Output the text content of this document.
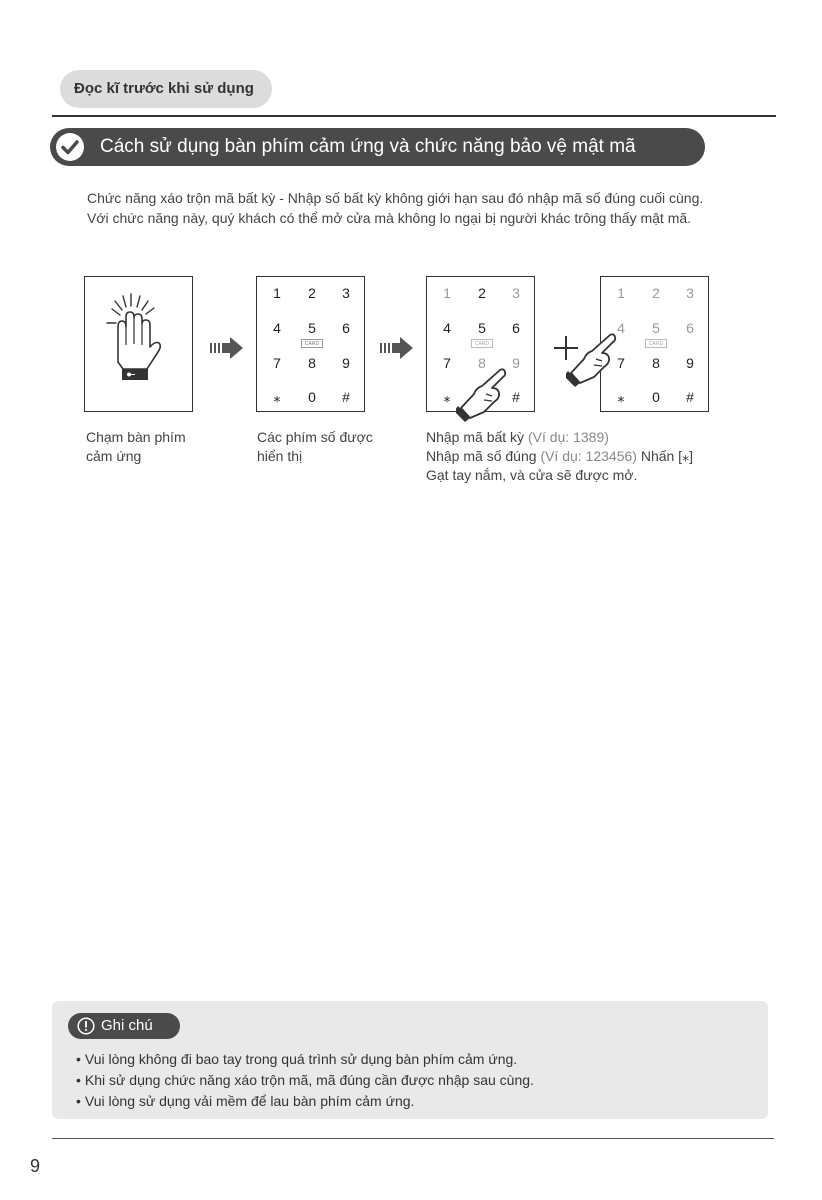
Đọc kĩ trước khi sử dụng
Cách sử dụng bàn phím cảm ứng và chức năng bảo vệ mật mã

Chức năng xáo trộn mã bất kỳ - Nhập số bất kỳ không giới hạn sau đó nhập mã số đúng cuối cùng.

Với chức năng này, quý khách có thể mở cửa mà không lo ngại bị người khác trông thấy mật mã.

1	2	3
4	5	6
CARD
7	8	9
⁎	0	#
1	2	3
4	5	6
CARD
7	8	9
⁎	#
1	2	3
4	5	6
CARD
7	8	9
⁎	0	#

Chạm bàn phím

cảm ứng

Các phím số được

hiển thị

Nhập mã bất kỳ (Ví dụ: 1389)

Nhập mã số đúng (Ví dụ: 123456) Nhấn [⁎]

Gạt tay nắm, và cửa sẽ được mở.

Ghi chú
• Vui lòng không đi bao tay trong quá trình sử dụng bàn phím cảm ứng.
• Khi sử dụng chức năng xáo trộn mã, mã đúng cần được nhập sau cùng.
• Vui lòng sử dụng vải mềm để lau bàn phím cảm ứng.
9
